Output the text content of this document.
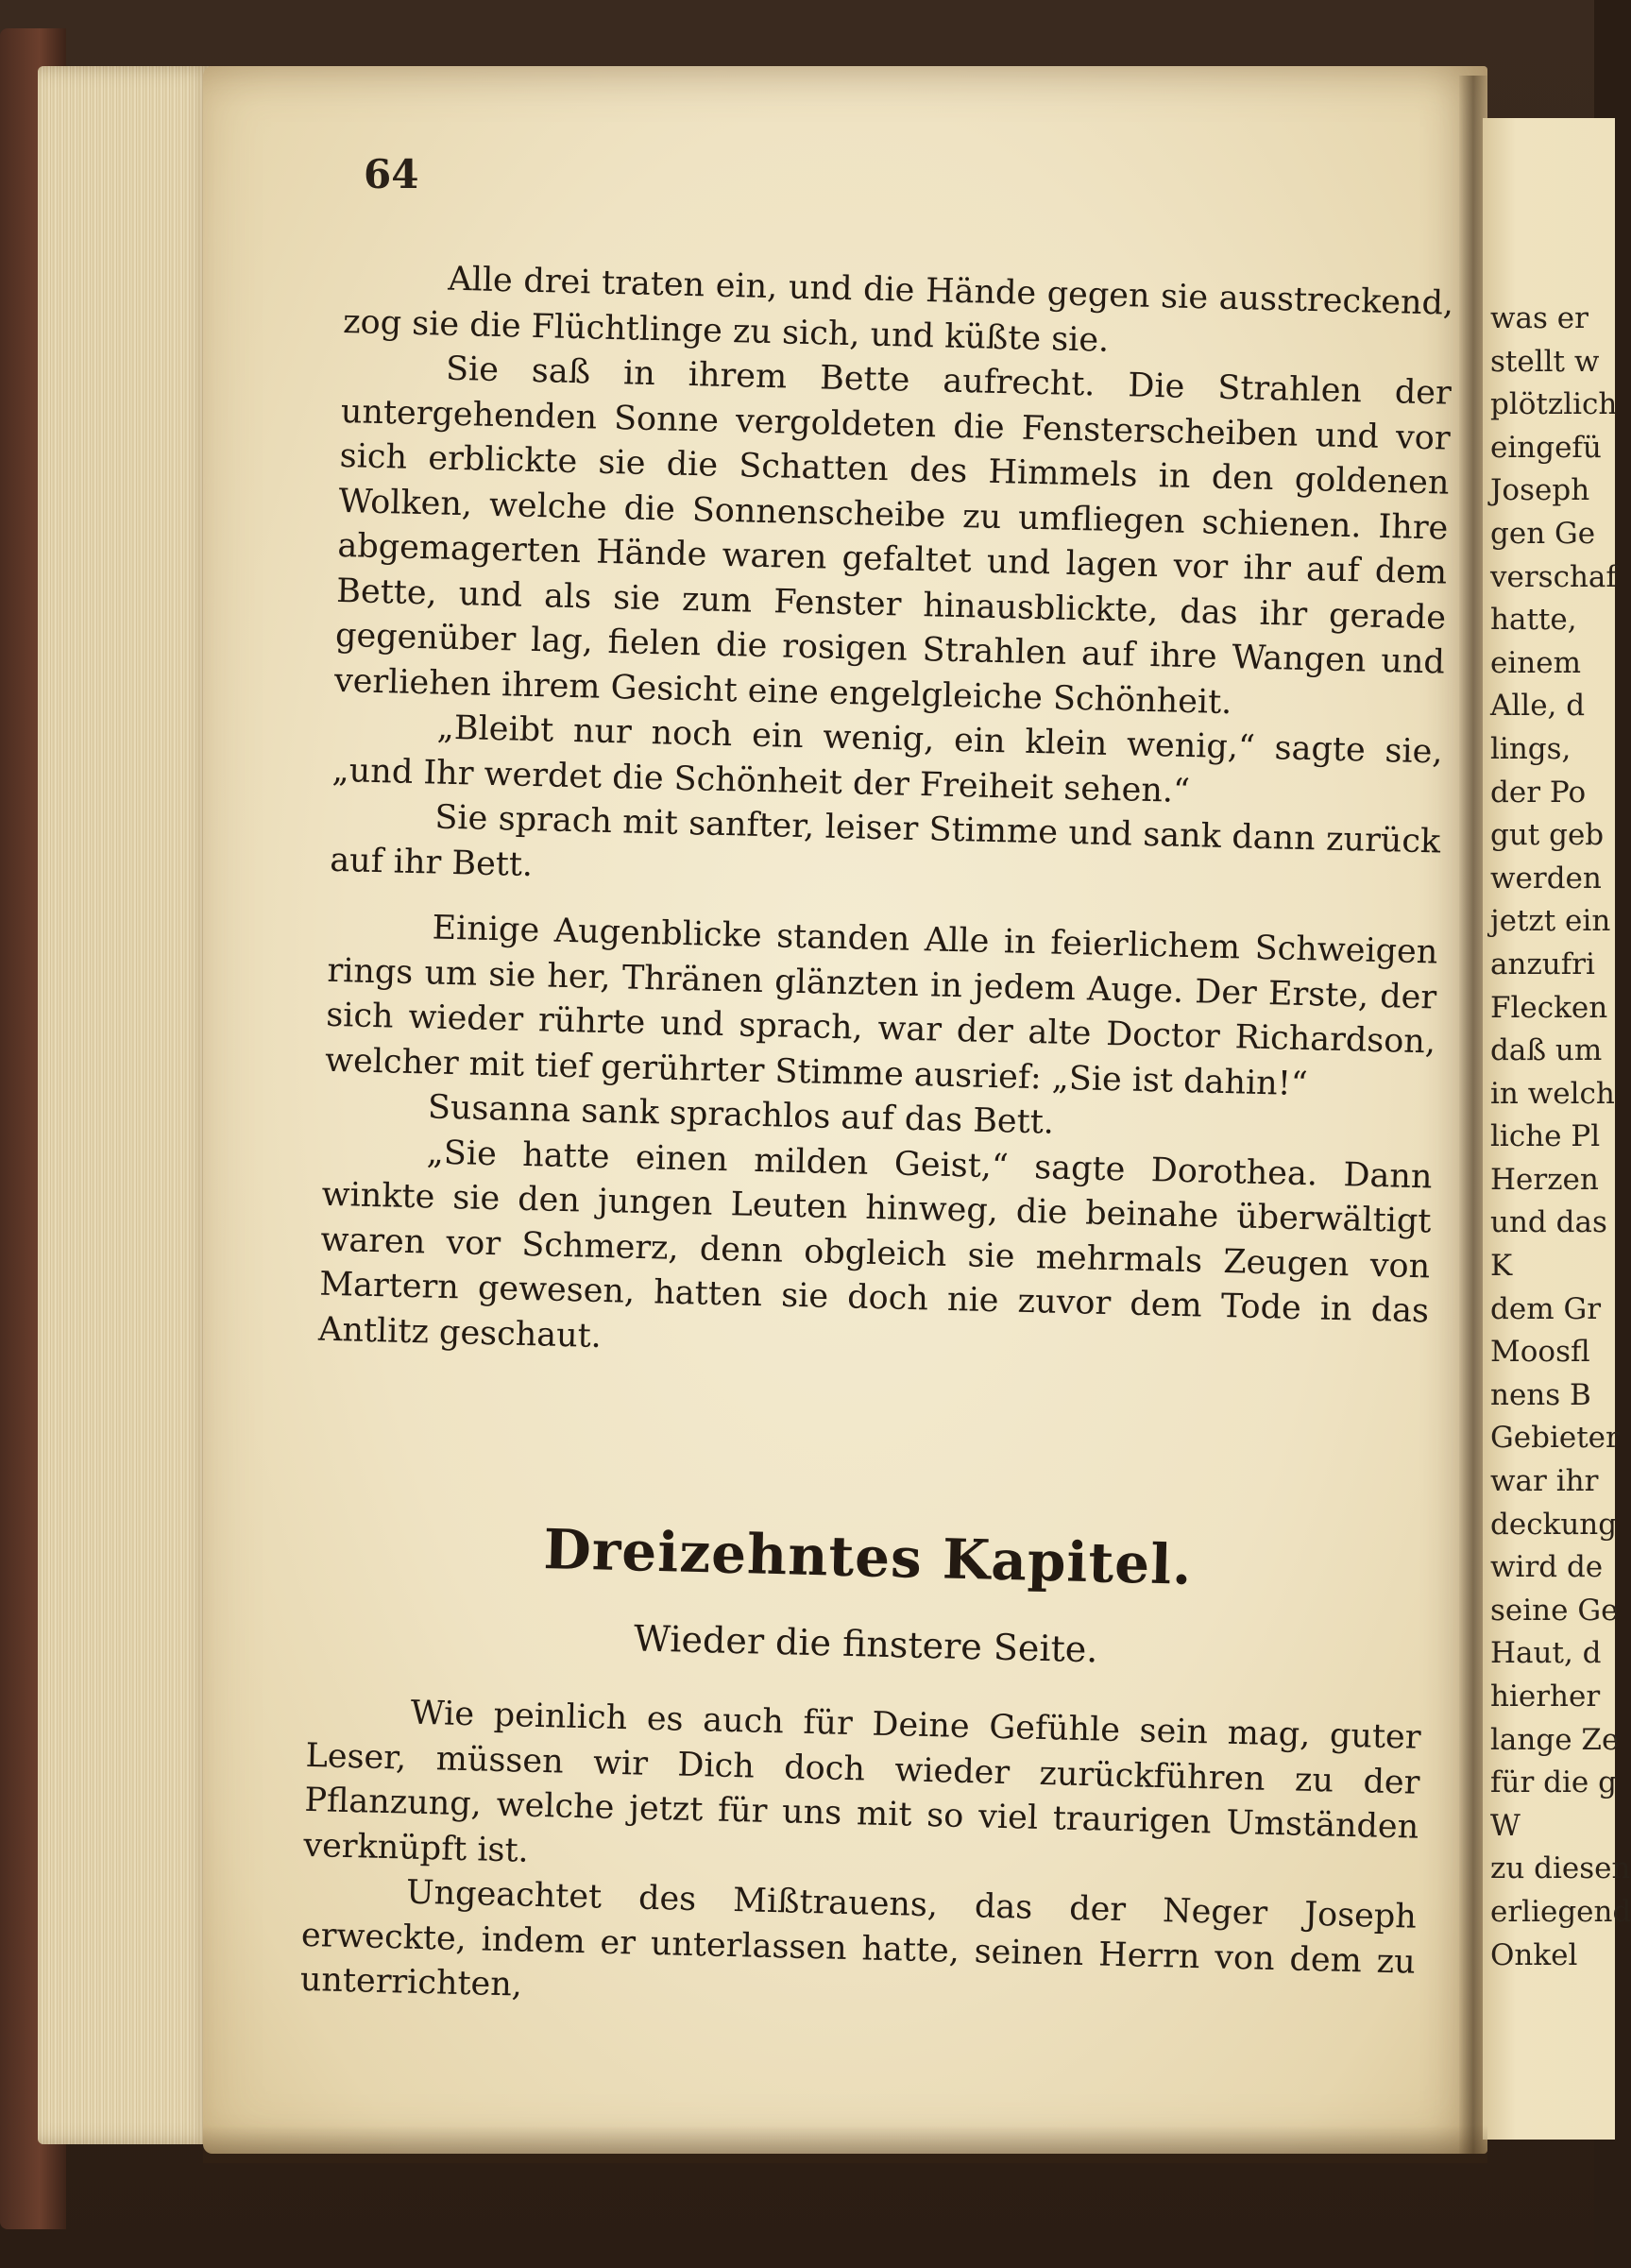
64

Alle drei traten ein, und die Hände gegen sie ausstreckend, zog sie die Flüchtlinge zu sich, und küßte sie.

Sie saß in ihrem Bette aufrecht. Die Strahlen der untergehenden Sonne vergoldeten die Fensterscheiben und vor sich erblickte sie die Schatten des Himmels in den goldenen Wolken, welche die Sonnenscheibe zu umfliegen schienen. Ihre abgemagerten Hände waren gefaltet und lagen vor ihr auf dem Bette, und als sie zum Fenster hinausblickte, das ihr gerade gegenüber lag, fielen die rosigen Strahlen auf ihre Wangen und verliehen ihrem Gesicht eine engelgleiche Schönheit.

„Bleibt nur noch ein wenig, ein klein wenig,“ sagte sie, „und Ihr werdet die Schönheit der Freiheit sehen.“

Sie sprach mit sanfter, leiser Stimme und sank dann zurück auf ihr Bett.

Einige Augenblicke standen Alle in feierlichem Schweigen rings um sie her, Thränen glänzten in jedem Auge. Der Erste, der sich wieder rührte und sprach, war der alte Doctor Richardson, welcher mit tief gerührter Stimme ausrief: „Sie ist dahin!“

Susanna sank sprachlos auf das Bett.

„Sie hatte einen milden Geist,“ sagte Dorothea. Dann winkte sie den jungen Leuten hinweg, die beinahe überwältigt waren vor Schmerz, denn obgleich sie mehrmals Zeugen von Martern gewesen, hatten sie doch nie zuvor dem Tode in das Antlitz geschaut.

Dreizehntes Kapitel.
Wieder die finstere Seite.

Wie peinlich es auch für Deine Gefühle sein mag, guter Leser, müssen wir Dich doch wieder zurückführen zu der Pflanzung, welche jetzt für uns mit so viel traurigen Umständen verknüpft ist.

Ungeachtet des Mißtrauens, das der Neger Joseph erweckte, indem er unterlassen hatte, seinen Herrn von dem zu unterrichten,

was er
stellt w
plötzlich
eingefü
Joseph
gen Ge
verschaf
hatte,
einem
Alle, d
lings,
der Po
gut geb
werden
jetzt ein
anzufri
Flecken
daß um
in welch
liche Pl
Herzen
und das
K
dem Gr
Moosfl
nens B
Gebieter
war ihr
deckung
wird de
seine Ge
Haut, d
hierher
lange Ze
für die g
W
zu diesen
erliegend
Onkel
